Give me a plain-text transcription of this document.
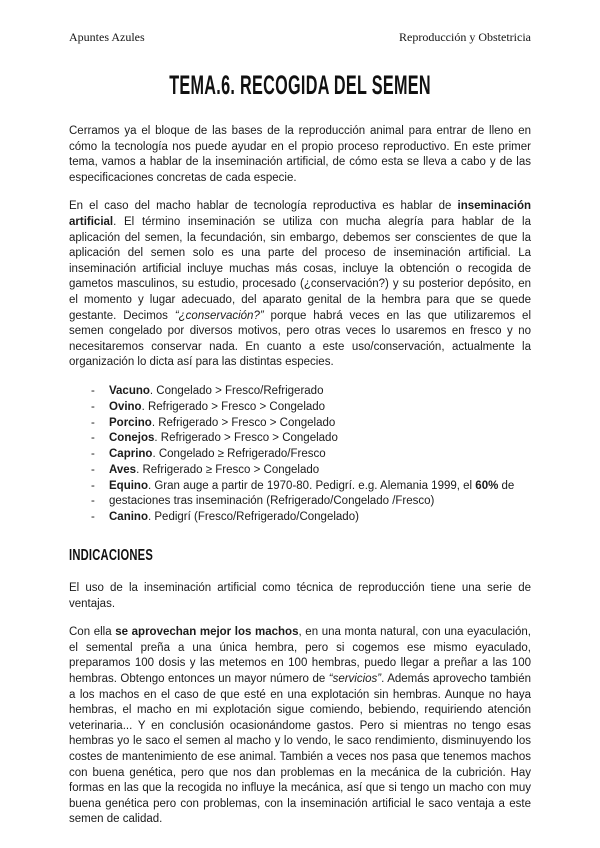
Apuntes Azules	Reproducción y Obstetricia
TEMA.6. RECOGIDA DEL SEMEN

Cerramos ya el bloque de las bases de la reproducción animal para entrar de lleno en cómo la tecnología nos puede ayudar en el propio proceso reproductivo. En este primer tema, vamos a hablar de la inseminación artificial, de cómo esta se lleva a cabo y de las especificaciones concretas de cada especie.

En el caso del macho hablar de tecnología reproductiva es hablar de inseminación artificial. El término inseminación se utiliza con mucha alegría para hablar de la aplicación del semen, la fecundación, sin embargo, debemos ser conscientes de que la aplicación del semen solo es una parte del proceso de inseminación artificial. La inseminación artificial incluye muchas más cosas, incluye la obtención o recogida de gametos masculinos, su estudio, procesado (¿conservación?) y su posterior depósito, en el momento y lugar adecuado, del aparato genital de la hembra para que se quede gestante. Decimos “¿conservación?” porque habrá veces en las que utilizaremos el semen congelado por diversos motivos, pero otras veces lo usaremos en fresco y no necesitaremos conservar nada. En cuanto a este uso/conservación, actualmente la organización lo dicta así para las distintas especies.

-	Vacuno. Congelado > Fresco/Refrigerado
-	Ovino. Refrigerado > Fresco > Congelado
-	Porcino. Refrigerado > Fresco > Congelado
-	Conejos. Refrigerado > Fresco > Congelado
-	Caprino. Congelado ≥ Refrigerado/Fresco
-	Aves. Refrigerado ≥ Fresco > Congelado
-	Equino. Gran auge a partir de 1970-80. Pedigrí. e.g. Alemania 1999, el 60% de
-	gestaciones tras inseminación (Refrigerado/Congelado /Fresco)
-	Canino. Pedigrí (Fresco/Refrigerado/Congelado)
INDICACIONES

El uso de la inseminación artificial como técnica de reproducción tiene una serie de ventajas.

Con ella se aprovechan mejor los machos, en una monta natural, con una eyaculación, el semental preña a una única hembra, pero si cogemos ese mismo eyaculado, preparamos 100 dosis y las metemos en 100 hembras, puedo llegar a preñar a las 100 hembras. Obtengo entonces un mayor número de “servicios”. Además aprovecho también a los machos en el caso de que esté en una explotación sin hembras. Aunque no haya hembras, el macho en mi explotación sigue comiendo, bebiendo, requiriendo atención veterinaria... Y en conclusión ocasionándome gastos. Pero si mientras no tengo esas hembras yo le saco el semen al macho y lo vendo, le saco rendimiento, disminuyendo los costes de mantenimiento de ese animal. También a veces nos pasa que tenemos machos con buena genética, pero que nos dan problemas en la mecánica de la cubrición. Hay formas en las que la recogida no influye la mecánica, así que si tengo un macho con muy buena genética pero con problemas, con la inseminación artificial le saco ventaja a este semen de calidad.
